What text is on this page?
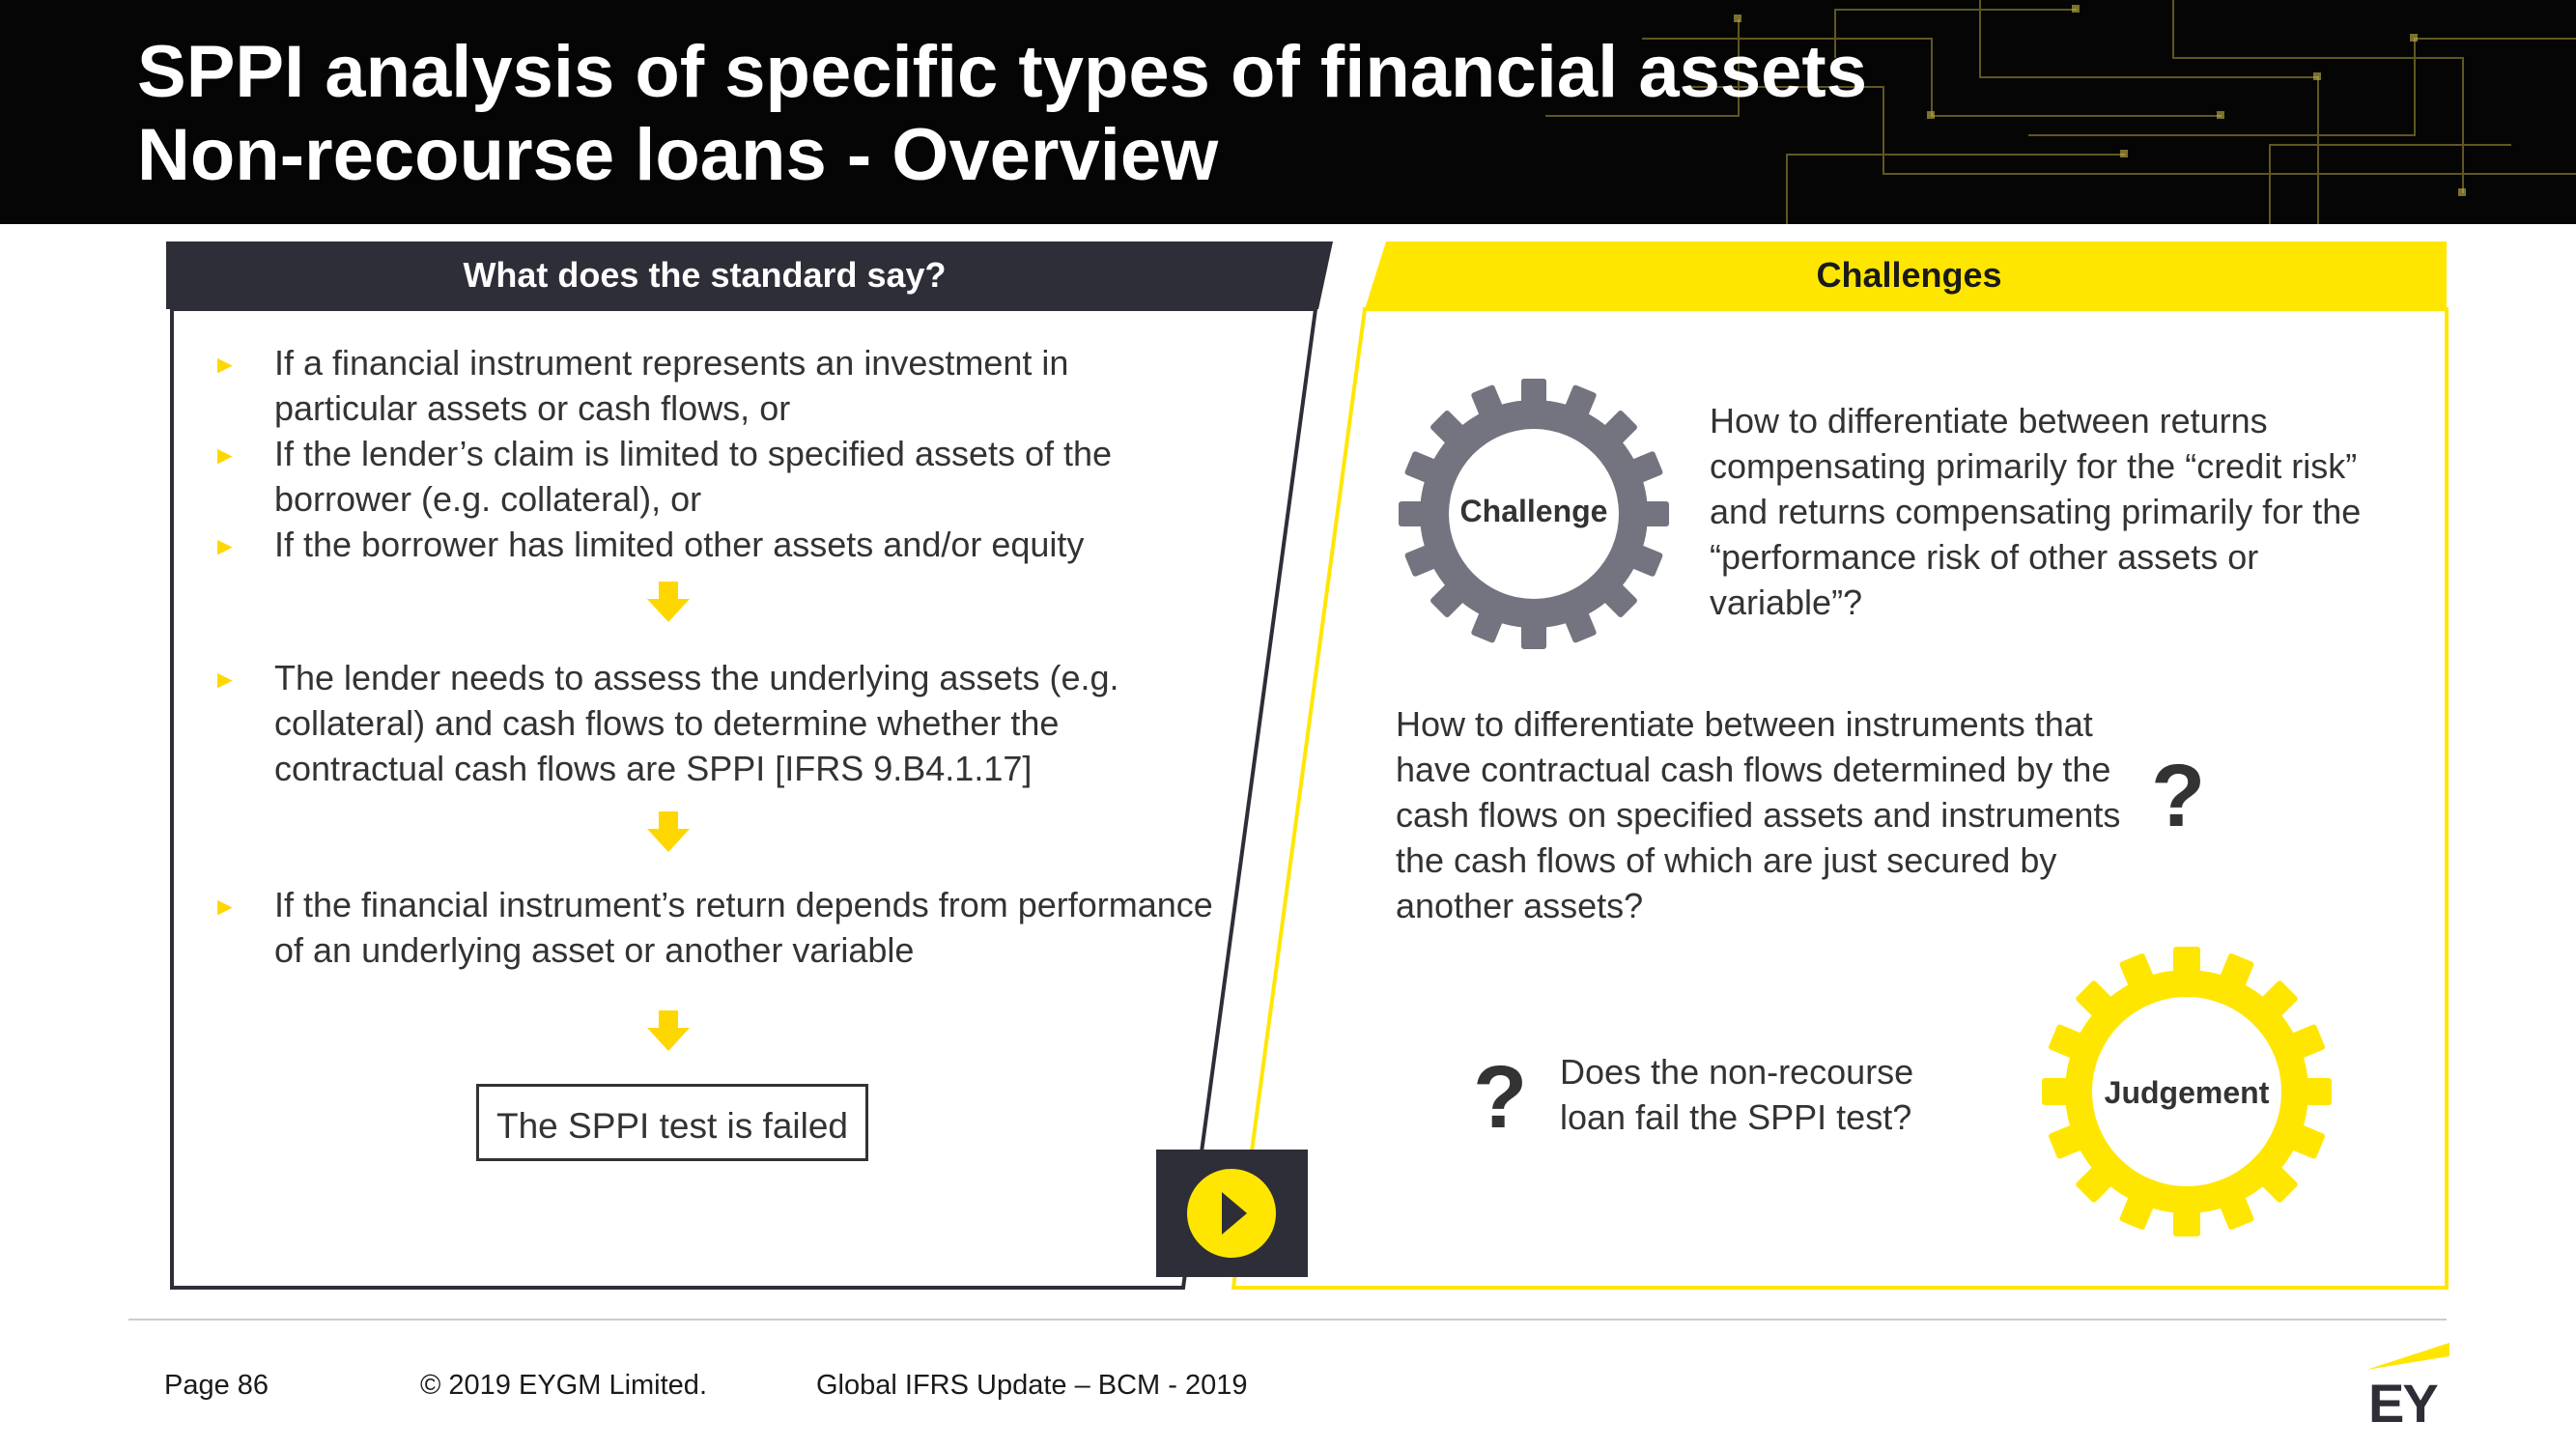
SPPI analysis of specific types of financial assets
Non-recourse loans - Overview
What does the standard say?	Challenges
► If a financial instrument represents an investment in particular assets or cash flows, or
► If the lender’s claim is limited to specified assets of the borrower (e.g. collateral), or
► If the borrower has limited other assets and/or equity
► The lender needs to assess the underlying assets (e.g. collateral) and cash flows to determine whether the contractual cash flows are SPPI [IFRS 9.B4.1.17]
► If the financial instrument’s return depends from performance of an underlying asset or another variable
The SPPI test is failed
Challenge
How to differentiate between returns compensating primarily for the “credit risk” and returns compensating primarily for the “performance risk of other assets or variable”?
How to differentiate between instruments that have contractual cash flows determined by the cash flows on specified assets and instruments the cash flows of which are just secured by another assets?
?
? Does the non-recourse loan fail the SPPI test?
Judgement
Page 86	© 2019 EYGM Limited.	Global IFRS Update – BCM - 2019	EY
